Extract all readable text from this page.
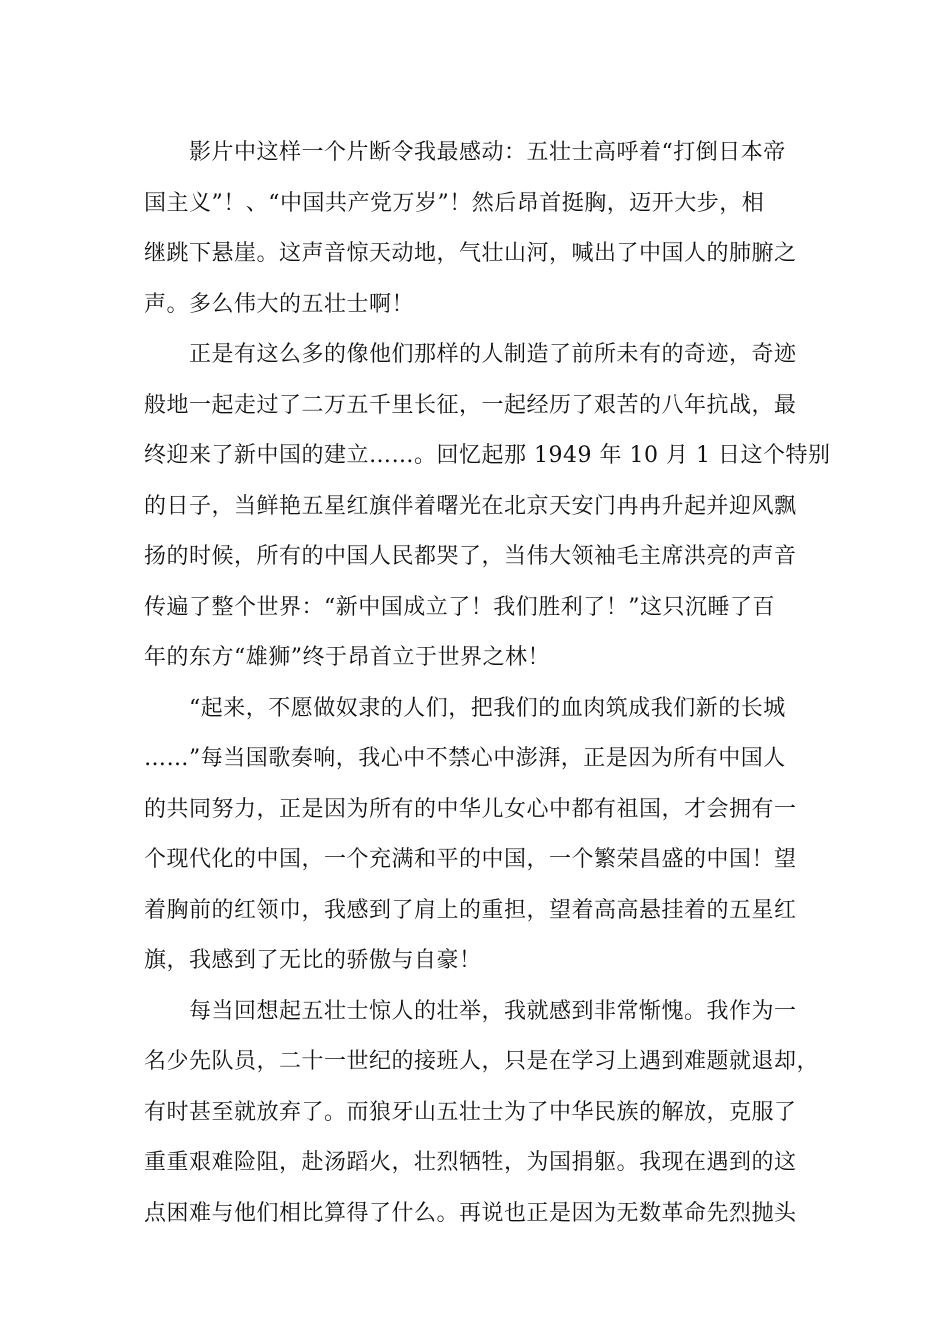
　　影片中这样一个片断令我最感动：五壮士高呼着“打倒日本帝
国主义”！、“中国共产党万岁”！然后昂首挺胸，迈开大步，相
继跳下悬崖。这声音惊天动地，气壮山河，喊出了中国人的肺腑之
声。多么伟大的五壮士啊！
　　正是有这么多的像他们那样的人制造了前所未有的奇迹，奇迹
般地一起走过了二万五千里长征，一起经历了艰苦的八年抗战，最
终迎来了新中国的建立……。回忆起那 1949 年 10 月 1 日这个特别
的日子，当鲜艳五星红旗伴着曙光在北京天安门冉冉升起并迎风飘
扬的时候，所有的中国人民都哭了，当伟大领袖毛主席洪亮的声音
传遍了整个世界：“新中国成立了！我们胜利了！”这只沉睡了百
年的东方“雄狮”终于昂首立于世界之林！
　　“起来，不愿做奴隶的人们，把我们的血肉筑成我们新的长城
……”每当国歌奏响，我心中不禁心中澎湃，正是因为所有中国人
的共同努力，正是因为所有的中华儿女心中都有祖国，才会拥有一
个现代化的中国，一个充满和平的中国，一个繁荣昌盛的中国！望
着胸前的红领巾，我感到了肩上的重担，望着高高悬挂着的五星红
旗，我感到了无比的骄傲与自豪！
　　每当回想起五壮士惊人的壮举，我就感到非常惭愧。我作为一
名少先队员，二十一世纪的接班人，只是在学习上遇到难题就退却，
有时甚至就放弃了。而狼牙山五壮士为了中华民族的解放，克服了
重重艰难险阻，赴汤蹈火，壮烈牺牲，为国捐躯。我现在遇到的这
点困难与他们相比算得了什么。再说也正是因为无数革命先烈抛头
